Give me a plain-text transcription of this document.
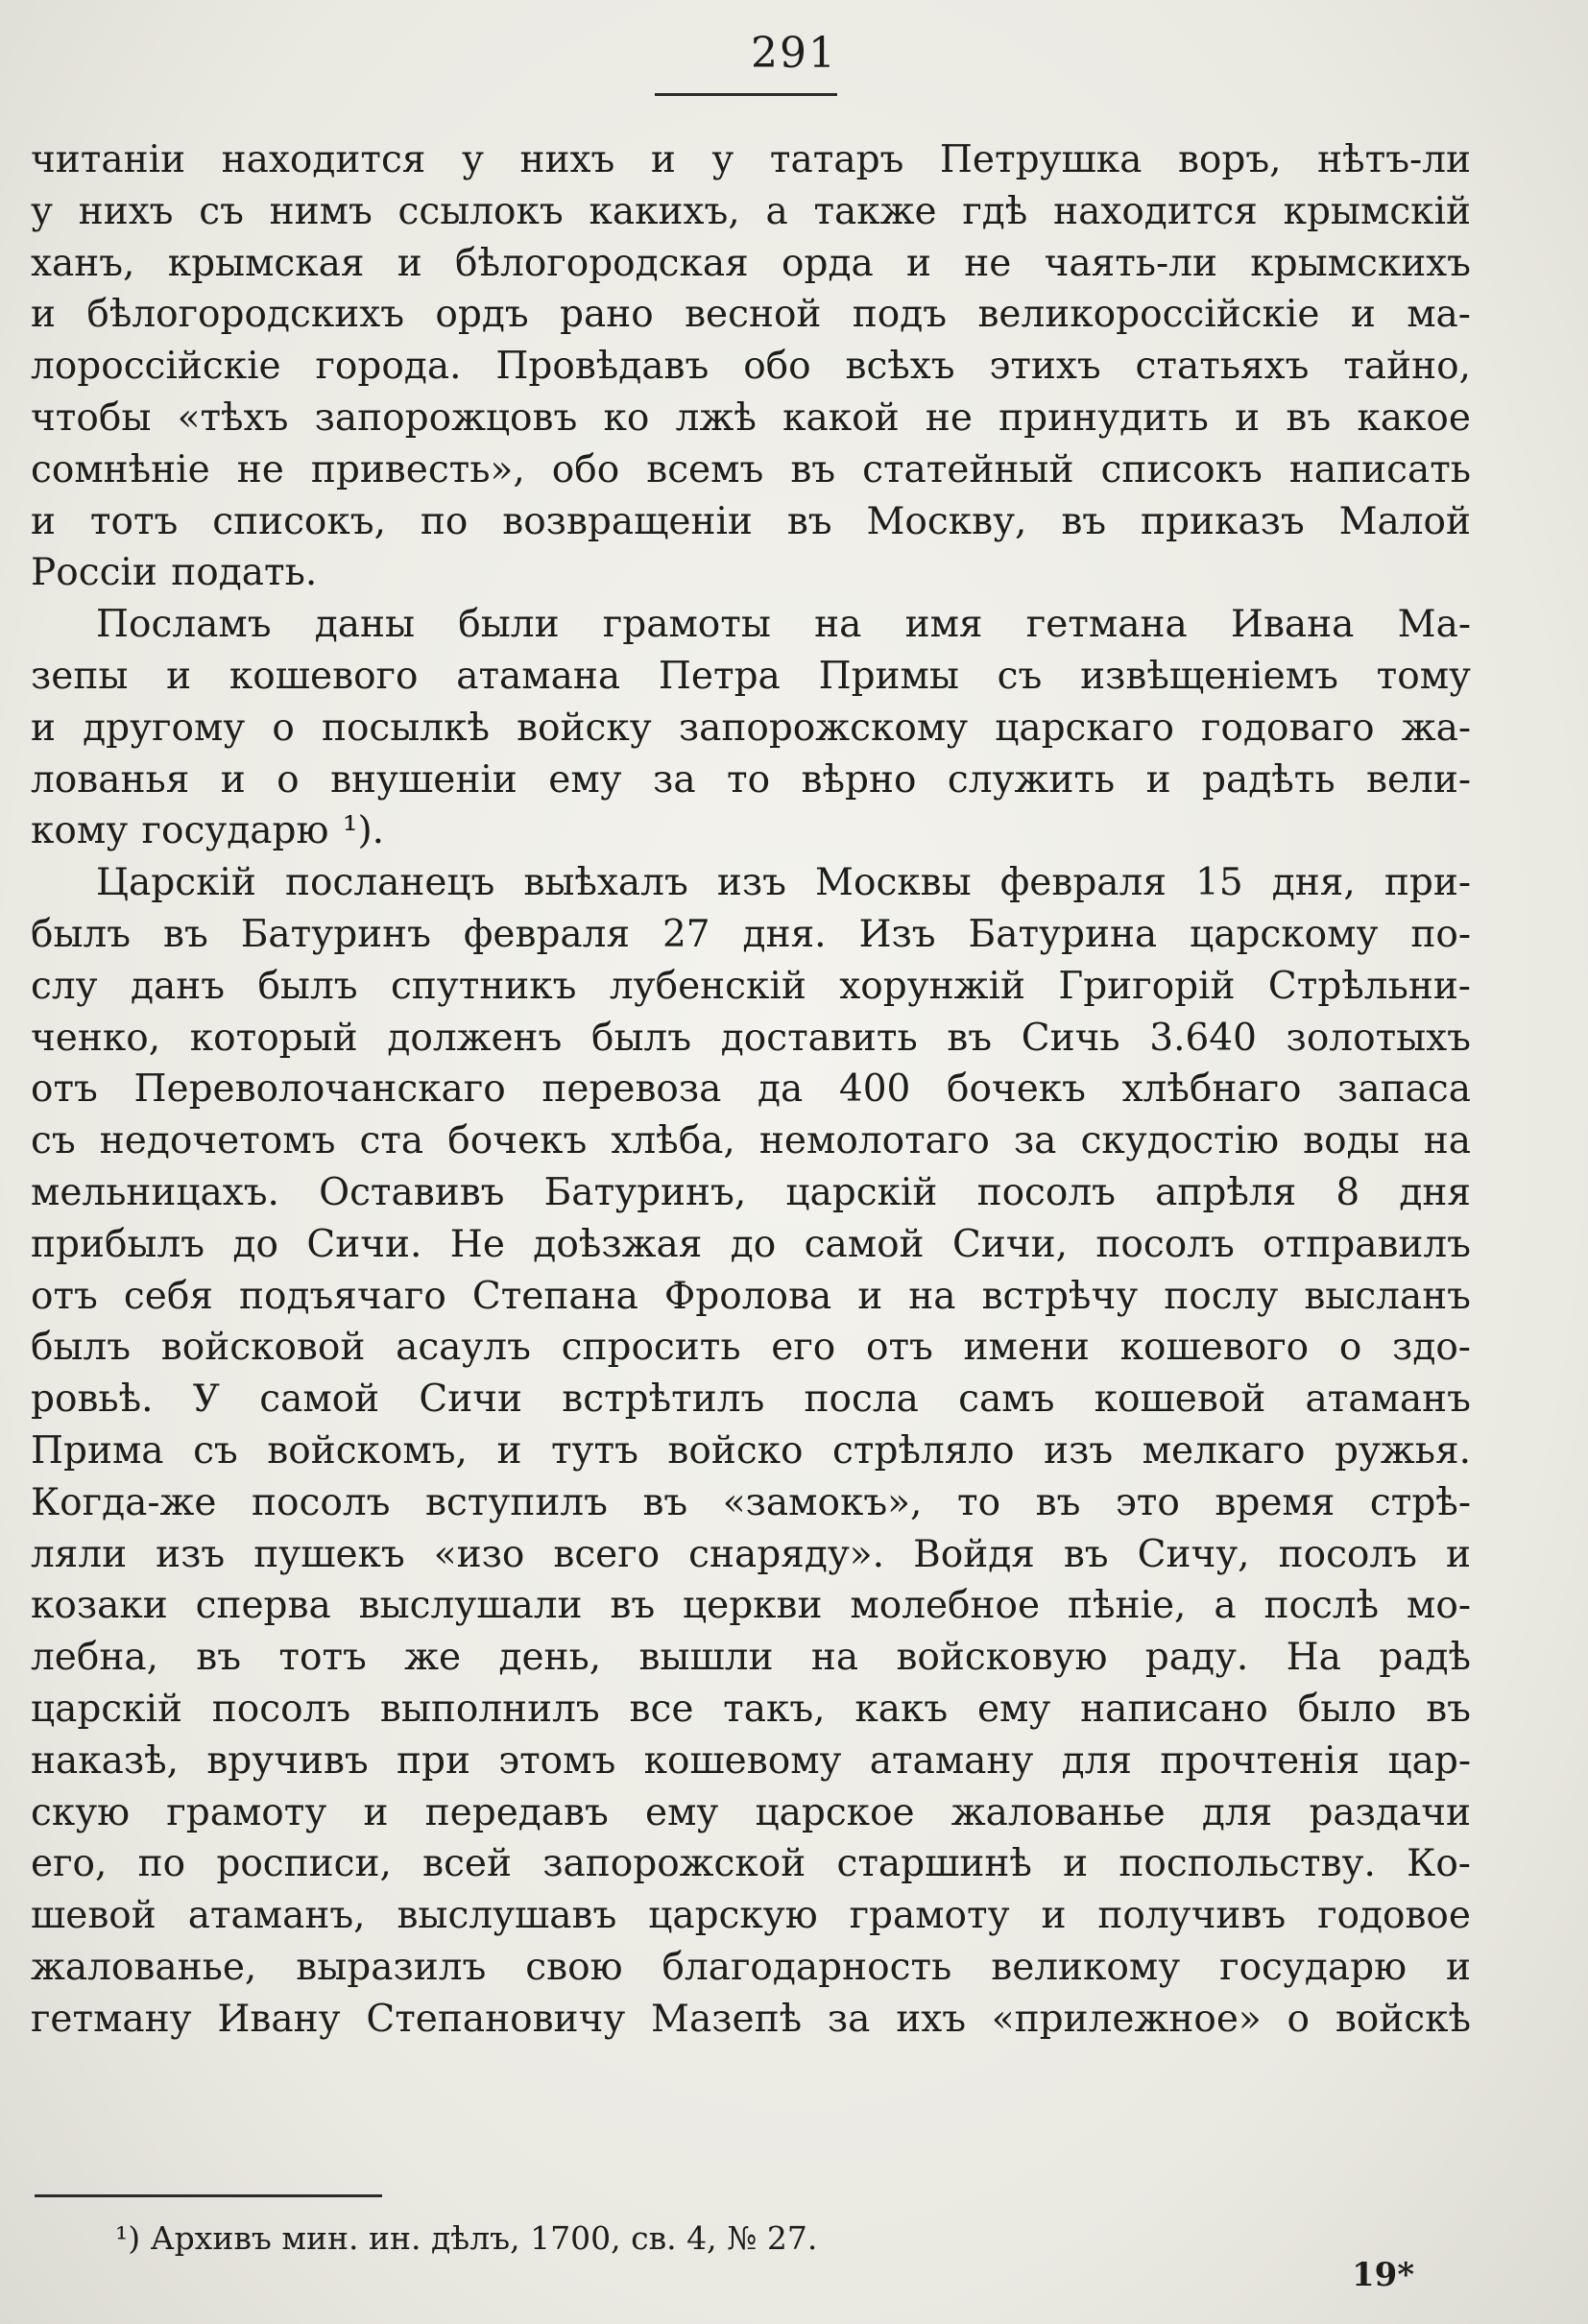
291
читаніи находится у нихъ и у татаръ Петрушка воръ, нѣтъ-ли
у нихъ съ нимъ ссылокъ какихъ, а также гдѣ находится крымскій
ханъ, крымская и бѣлогородская орда и не чаять-ли крымскихъ
и бѣлогородскихъ ордъ рано весной подъ великороссійскіе и ма-
лороссійскіе города. Провѣдавъ обо всѣхъ этихъ статьяхъ тайно,
чтобы «тѣхъ запорожцовъ ко лжѣ какой не принудить и въ какое
сомнѣніе не привесть», обо всемъ въ статейный списокъ написать
и тотъ списокъ, по возвращеніи въ Москву, въ приказъ Малой
Россіи подать.
Посламъ даны были грамоты на имя гетмана Ивана Ма-
зепы и кошевого атамана Петра Примы съ извѣщеніемъ тому
и другому о посылкѣ войску запорожскому царскаго годоваго жа-
лованья и о внушеніи ему за то вѣрно служить и радѣть вели-
кому государю ¹).
Царскій посланецъ выѣхалъ изъ Москвы февраля 15 дня, при-
былъ въ Батуринъ февраля 27 дня. Изъ Батурина царскому по-
слу данъ былъ спутникъ лубенскій хорунжій Григорій Стрѣльни-
ченко, который долженъ былъ доставить въ Сичь 3.640 золотыхъ
отъ Переволочанскаго перевоза да 400 бочекъ хлѣбнаго запаса
съ недочетомъ ста бочекъ хлѣба, немолотаго за скудостію воды на
мельницахъ. Оставивъ Батуринъ, царскій посолъ апрѣля 8 дня
прибылъ до Сичи. Не доѣзжая до самой Сичи, посолъ отправилъ
отъ себя подъячаго Степана Фролова и на встрѣчу послу высланъ
былъ войсковой асаулъ спросить его отъ имени кошевого о здо-
ровьѣ. У самой Сичи встрѣтилъ посла самъ кошевой атаманъ
Прима съ войскомъ, и тутъ войско стрѣляло изъ мелкаго ружья.
Когда-же посолъ вступилъ въ «замокъ», то въ это время стрѣ-
ляли изъ пушекъ «изо всего снаряду». Войдя въ Сичу, посолъ и
козаки сперва выслушали въ церкви молебное пѣніе, а послѣ мо-
лебна, въ тотъ же день, вышли на войсковую раду. На радѣ
царскій посолъ выполнилъ все такъ, какъ ему написано было въ
наказѣ, вручивъ при этомъ кошевому атаману для прочтенія цар-
скую грамоту и передавъ ему царское жалованье для раздачи
его, по росписи, всей запорожской старшинѣ и поспольству. Ко-
шевой атаманъ, выслушавъ царскую грамоту и получивъ годовое
жалованье, выразилъ свою благодарность великому государю и
гетману Ивану Степановичу Мазепѣ за ихъ «прилежное» о войскѣ
¹) Архивъ мин. ин. дѣлъ, 1700, св. 4, № 27.
19*
